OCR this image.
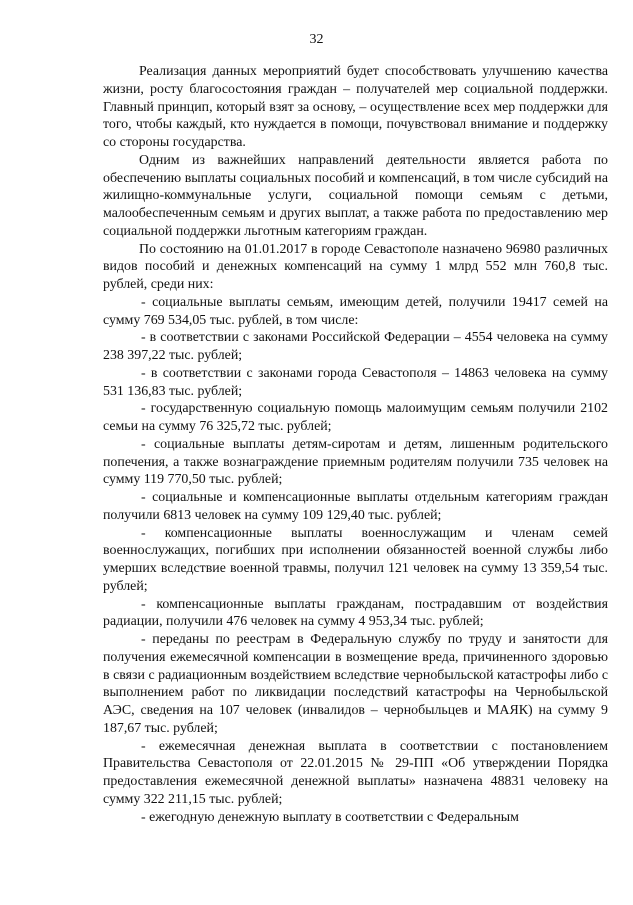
32

Реализация данных мероприятий будет способствовать улучшению качества жизни, росту благосостояния граждан – получателей мер социальной поддержки. Главный принцип, который взят за основу, – осуществление всех мер поддержки для того, чтобы каждый, кто нуждается в помощи, почувствовал внимание и поддержку со стороны государства.

Одним из важнейших направлений деятельности является работа по обеспечению выплаты социальных пособий и компенсаций, в том числе субсидий на жилищно-коммунальные услуги, социальной помощи семьям с детьми, малообеспеченным семьям и других выплат, а также работа по предоставлению мер социальной поддержки льготным категориям граждан.

По состоянию на 01.01.2017 в городе Севастополе назначено 96980 различных видов пособий и денежных компенсаций на сумму 1 млрд 552 млн 760,8 тыс. рублей, среди них:

- социальные выплаты семьям, имеющим детей, получили 19417 семей на сумму 769 534,05 тыс. рублей, в том числе:

- в соответствии с законами Российской Федерации – 4554 человека на сумму 238 397,22 тыс. рублей;

- в соответствии с законами города Севастополя – 14863 человека на сумму 531 136,83 тыс. рублей;

- государственную социальную помощь малоимущим семьям получили 2102 семьи на сумму 76 325,72 тыс. рублей;

- социальные выплаты детям-сиротам и детям, лишенным родительского попечения, а также вознаграждение приемным родителям получили 735 человек на сумму 119 770,50 тыс. рублей;

- социальные и компенсационные выплаты отдельным категориям граждан получили 6813 человек на сумму 109 129,40 тыс. рублей;

- компенсационные выплаты военнослужащим и членам семей военнослужащих, погибших при исполнении обязанностей военной службы либо умерших вследствие военной травмы, получил 121 человек на сумму 13 359,54 тыс. рублей;

- компенсационные выплаты гражданам, пострадавшим от воздействия радиации, получили 476 человек на сумму 4 953,34 тыс. рублей;

- переданы по реестрам в Федеральную службу по труду и занятости для получения ежемесячной компенсации в возмещение вреда, причиненного здоровью в связи с радиационным воздействием вследствие чернобыльской катастрофы либо с выполнением работ по ликвидации последствий катастрофы на Чернобыльской АЭС, сведения на 107 человек (инвалидов – чернобыльцев и МАЯК) на сумму 9 187,67 тыс. рублей;

- ежемесячная денежная выплата в соответствии с постановлением Правительства Севастополя от 22.01.2015 № 29-ПП «Об утверждении Порядка предоставления ежемесячной денежной выплаты» назначена 48831 человеку на сумму 322 211,15 тыс. рублей;

- ежегодную денежную выплату в соответствии с Федеральным
